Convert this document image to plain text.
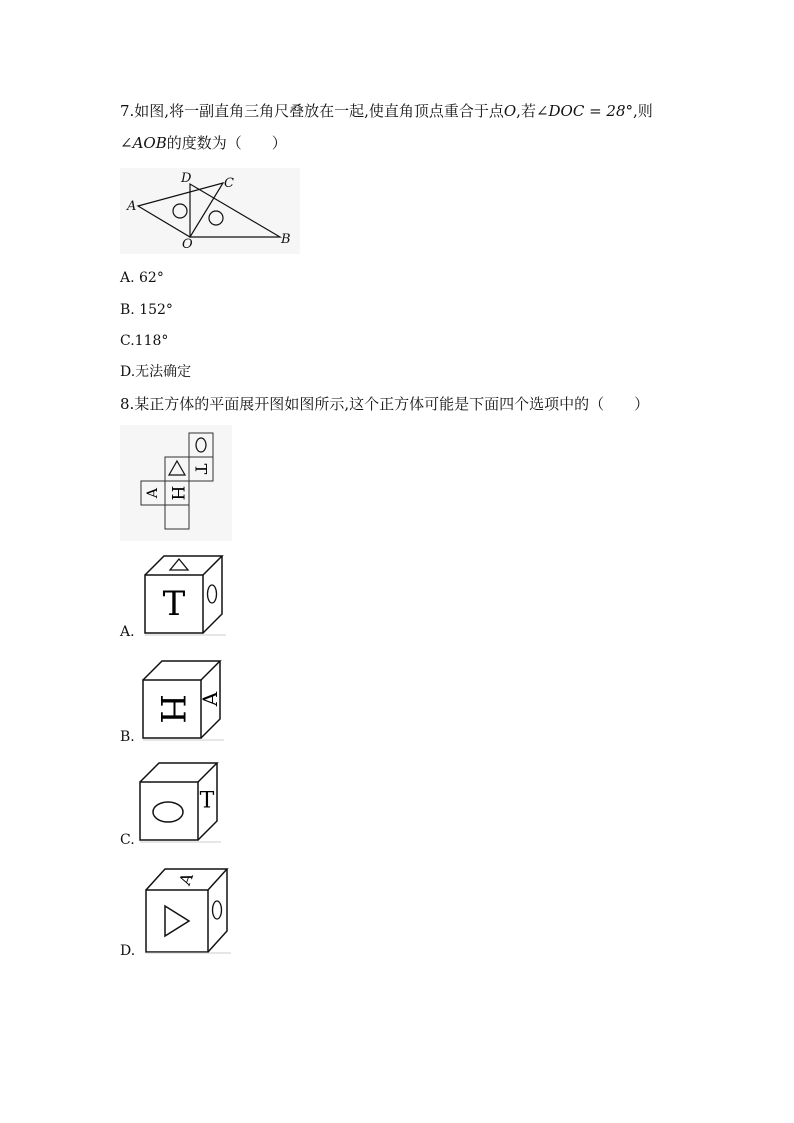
7.如图,将一副直角三角尺叠放在一起,使直角顶点重合于点O,若∠DOC = 28°,则
∠AOB的度数为（　　）
A
D	C
O	B
A. 62°
B. 152°
C.118°
D.无法确定
8.某正方体的平面展开图如图所示,这个正方体可能是下面四个选项中的（　　）
T
A H
A.
T
B.
H A
C.
T
D.
A
